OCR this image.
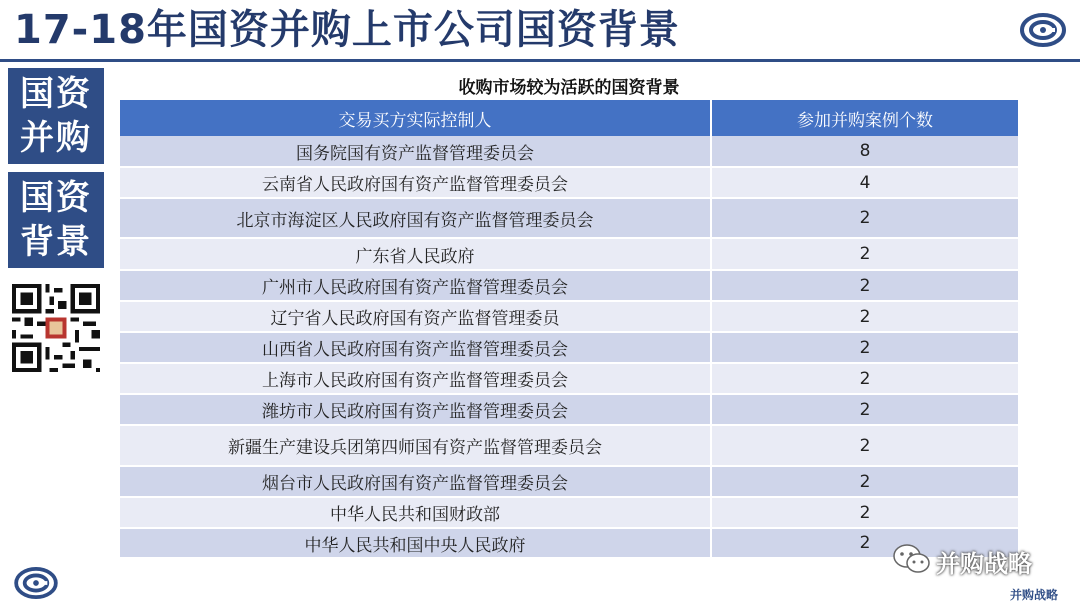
17-18年国资并购上市公司国资背景
国资
并购
国资
背景
收购市场较为活跃的国资背景
交易买方实际控制人	参加并购案例个数
国务院国有资产监督管理委员会	8
云南省人民政府国有资产监督管理委员会	4
北京市海淀区人民政府国有资产监督管理委员会	2
广东省人民政府	2
广州市人民政府国有资产监督管理委员会	2
辽宁省人民政府国有资产监督管理委员	2
山西省人民政府国有资产监督管理委员会	2
上海市人民政府国有资产监督管理委员会	2
潍坊市人民政府国有资产监督管理委员会	2
新疆生产建设兵团第四师国有资产监督管理委员会	2
烟台市人民政府国有资产监督管理委员会	2
中华人民共和国财政部	2
中华人民共和国中央人民政府	2
并购战略
并购战略
